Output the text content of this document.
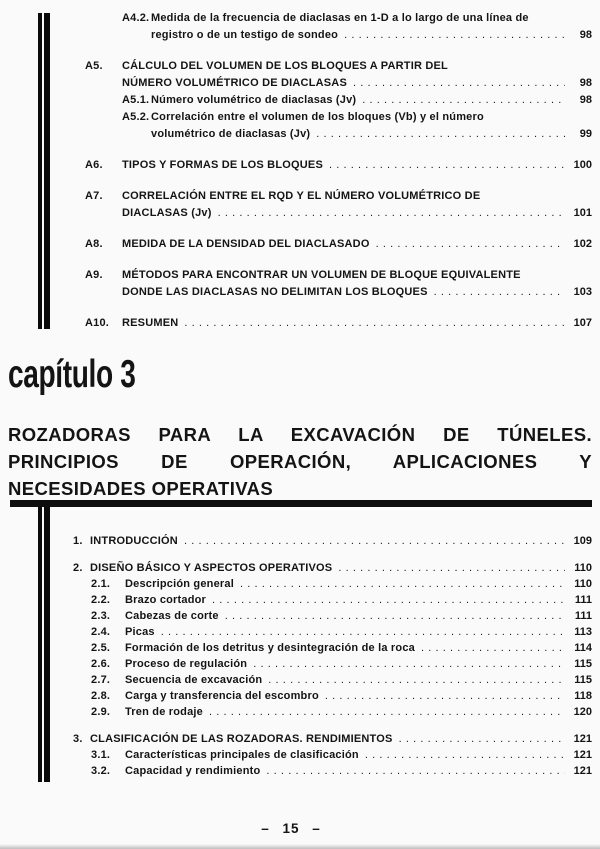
A4.2. Medida de la frecuencia de diaclasas en 1-D a lo largo de una línea de
registro o de un testigo de sondeo .....	98
A5.	CÁLCULO DEL VOLUMEN DE LOS BLOQUES A PARTIR DEL
NÚMERO VOLUMÉTRICO DE DIACLASAS .....	98
A5.1. Número volumétrico de diaclasas (Jv) .....	98
A5.2. Correlación entre el volumen de los bloques (Vb) y el número
volumétrico de diaclasas (Jv) .....	99
A6.	TIPOS Y FORMAS DE LOS BLOQUES .....	100
A7.	CORRELACIÓN ENTRE EL RQD Y EL NÚMERO VOLUMÉTRICO DE
DIACLASAS (Jv) .....	101
A8.	MEDIDA DE LA DENSIDAD DEL DIACLASADO .....	102
A9.	MÉTODOS PARA ENCONTRAR UN VOLUMEN DE BLOQUE EQUIVALENTE
DONDE LAS DIACLASAS NO DELIMITAN LOS BLOQUES .....	103
A10.	RESUMEN .....	107
capítulo 3
ROZADORAS PARA LA EXCAVACIÓN DE TÚNELES.
PRINCIPIOS DE OPERACIÓN, APLICACIONES Y
NECESIDADES OPERATIVAS
1. INTRODUCCIÓN .....	109
2. DISEÑO BÁSICO Y ASPECTOS OPERATIVOS .....	110
2.1.	Descripción general .....	110
2.2.	Brazo cortador .....	111
2.3.	Cabezas de corte .....	111
2.4.	Picas .....	113
2.5.	Formación de los detritus y desintegración de la roca .....	114
2.6.	Proceso de regulación .....	115
2.7.	Secuencia de excavación .....	115
2.8.	Carga y transferencia del escombro .....	118
2.9.	Tren de rodaje .....	120
3. CLASIFICACIÓN DE LAS ROZADORAS. RENDIMIENTOS .....	121
3.1.	Características principales de clasificación .....	121
3.2.	Capacidad y rendimiento .....	121
– 15 –
